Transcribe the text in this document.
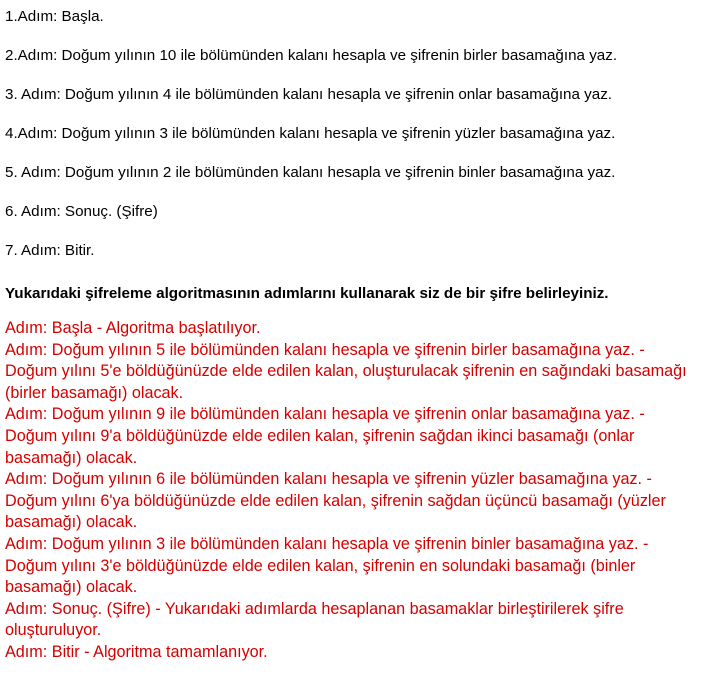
1.Adım: Başla.
2.Adım: Doğum yılının 10 ile bölümünden kalanı hesapla ve şifrenin birler basamağına yaz.
3. Adım: Doğum yılının 4 ile bölümünden kalanı hesapla ve şifrenin onlar basamağına yaz.
4.Adım: Doğum yılının 3 ile bölümünden kalanı hesapla ve şifrenin yüzler basamağına yaz.
5. Adım: Doğum yılının 2 ile bölümünden kalanı hesapla ve şifrenin binler basamağına yaz.
6. Adım: Sonuç. (Şifre)
7. Adım: Bitir.
Yukarıdaki şifreleme algoritmasının adımlarını kullanarak siz de bir şifre belirleyiniz.

Adım: Başla - Algoritma başlatılıyor.

Adım: Doğum yılının 5 ile bölümünden kalanı hesapla ve şifrenin birler basamağına yaz. - Doğum yılını 5'e böldüğünüzde elde edilen kalan, oluşturulacak şifrenin en sağındaki basamağı (birler basamağı) olacak.

Adım: Doğum yılının 9 ile bölümünden kalanı hesapla ve şifrenin onlar basamağına yaz. - Doğum yılını 9'a böldüğünüzde elde edilen kalan, şifrenin sağdan ikinci basamağı (onlar basamağı) olacak.

Adım: Doğum yılının 6 ile bölümünden kalanı hesapla ve şifrenin yüzler basamağına yaz. - Doğum yılını 6'ya böldüğünüzde elde edilen kalan, şifrenin sağdan üçüncü basamağı (yüzler basamağı) olacak.

Adım: Doğum yılının 3 ile bölümünden kalanı hesapla ve şifrenin binler basamağına yaz. - Doğum yılını 3'e böldüğünüzde elde edilen kalan, şifrenin en solundaki basamağı (binler basamağı) olacak.

Adım: Sonuç. (Şifre) - Yukarıdaki adımlarda hesaplanan basamaklar birleştirilerek şifre oluşturuluyor.

Adım: Bitir - Algoritma tamamlanıyor.
